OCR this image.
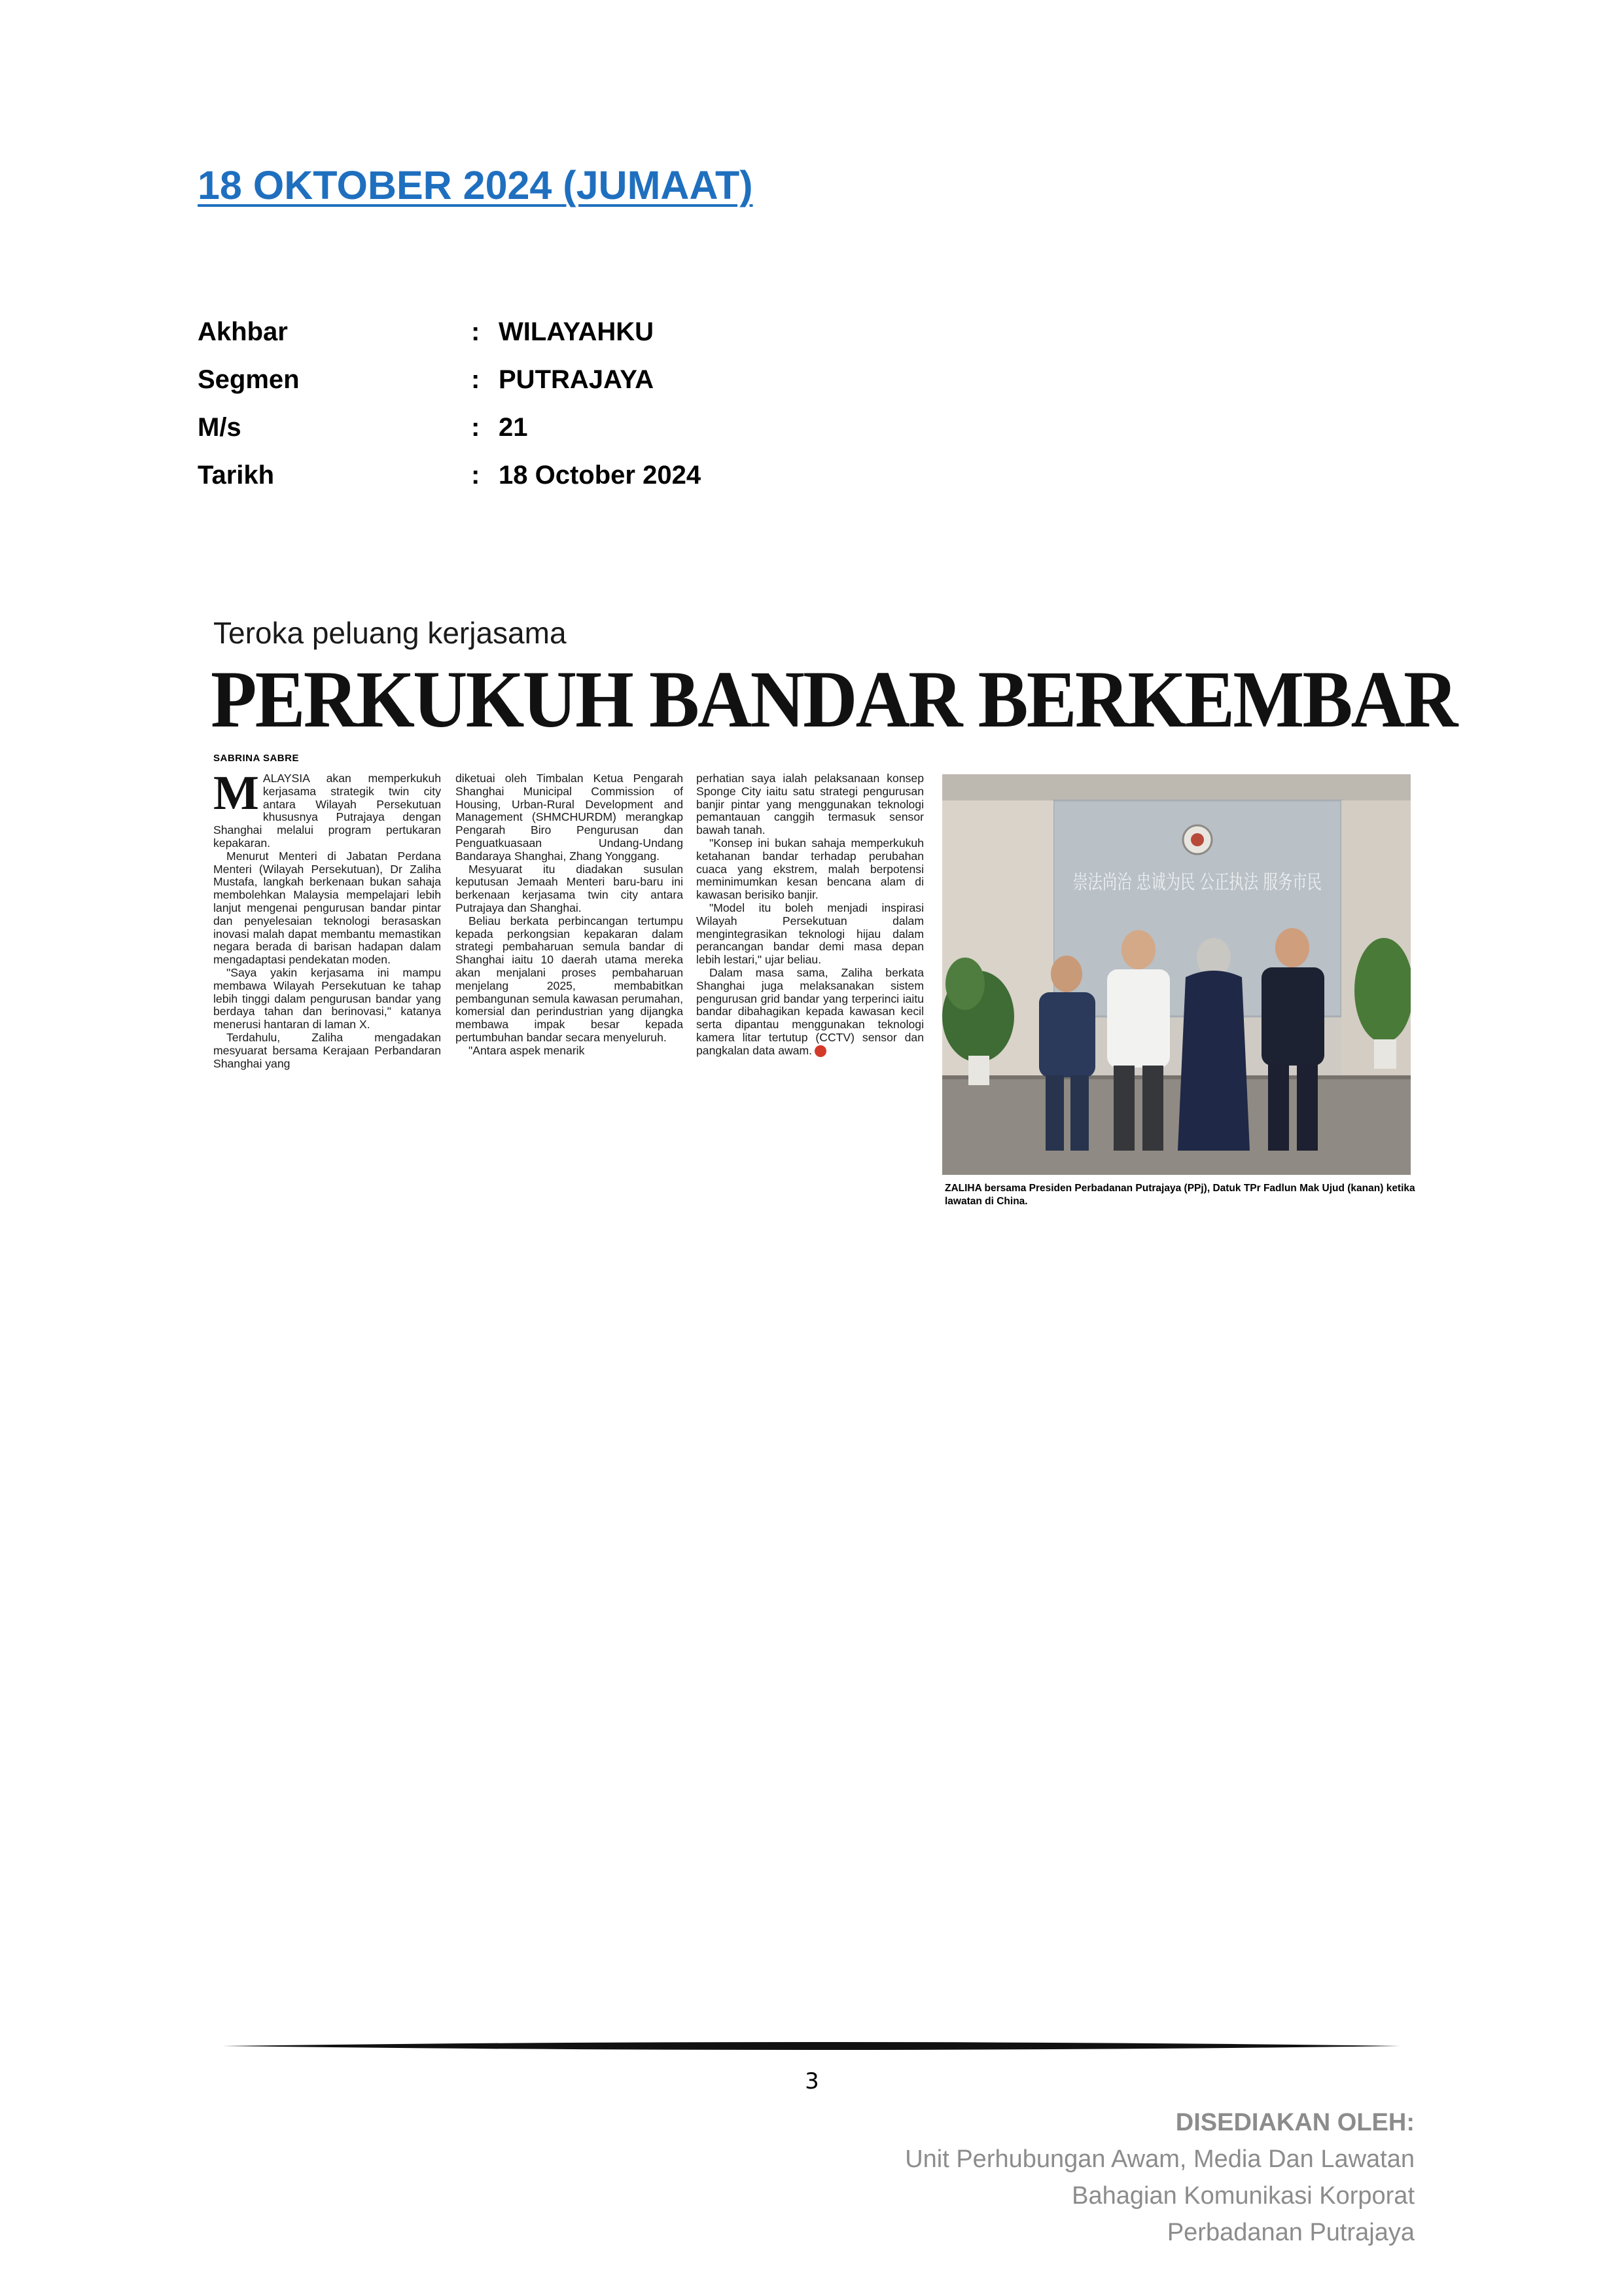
18 OKTOBER 2024 (JUMAAT)
Akhbar	: WILAYAHKU
Segmen	: PUTRAJAYA
M/s	: 21
Tarikh	: 18 October 2024
Teroka peluang kerjasama
PERKUKUH BANDAR BERKEMBAR
SABRINA SABRE
M ALAYSIA akan memperkukuh kerjasama strategik twin city antara Wilayah Persekutuan khususnya Putrajaya dengan Shanghai melalui program pertukaran kepakaran.

Menurut Menteri di Jabatan Perdana Menteri (Wilayah Persekutuan), Dr Zaliha Mustafa, langkah berkenaan bukan sahaja membolehkan Malaysia mempelajari lebih lanjut mengenai pengurusan bandar pintar dan penyelesaian teknologi berasaskan inovasi malah dapat membantu memastikan negara berada di barisan hadapan dalam mengadaptasi pendekatan moden.

"Saya yakin kerjasama ini mampu membawa Wilayah Persekutuan ke tahap lebih tinggi dalam pengurusan bandar yang berdaya tahan dan berinovasi," katanya menerusi hantaran di laman X.

Terdahulu, Zaliha mengadakan mesyuarat bersama Kerajaan Perbandaran Shanghai yang

diketuai oleh Timbalan Ketua Pengarah Shanghai Municipal Commission of Housing, Urban-Rural Development and Management (SHMCHURDM) merangkap Pengarah Biro Pengurusan dan Penguatkuasaan Undang-Undang Bandaraya Shanghai, Zhang Yonggang.

Mesyuarat itu diadakan susulan keputusan Jemaah Menteri baru-baru ini berkenaan kerjasama twin city antara Putrajaya dan Shanghai.

Beliau berkata perbincangan tertumpu kepada perkongsian kepakaran dalam strategi pembaharuan semula bandar di Shanghai iaitu 10 daerah utama mereka akan menjalani proses pembaharuan menjelang 2025, membabitkan pembangunan semula kawasan perumahan, komersial dan perindustrian yang dijangka membawa impak besar kepada pertumbuhan bandar secara menyeluruh.

"Antara aspek menarik

perhatian saya ialah pelaksanaan konsep Sponge City iaitu satu strategi pengurusan banjir pintar yang menggunakan teknologi pemantauan canggih termasuk sensor bawah tanah.

"Konsep ini bukan sahaja memperkukuh ketahanan bandar terhadap perubahan cuaca yang ekstrem, malah berpotensi meminimumkan kesan bencana alam di kawasan berisiko banjir.

"Model itu boleh menjadi inspirasi Wilayah Persekutuan dalam mengintegrasikan teknologi hijau dalam perancangan bandar demi masa depan lebih lestari," ujar beliau.

Dalam masa sama, Zaliha berkata Shanghai juga melaksanakan sistem pengurusan grid bandar yang terperinci iaitu bandar dibahagikan kepada kawasan kecil serta dipantau menggunakan teknologi kamera litar tertutup (CCTV) sensor dan pangkalan data awam.

崇法尚治 忠诚为民 公正执法 服务市民
ZALIHA bersama Presiden Perbadanan Putrajaya (PPj), Datuk TPr Fadlun Mak Ujud (kanan) ketika lawatan di China.
3
DISEDIAKAN OLEH:
Unit Perhubungan Awam, Media Dan Lawatan
Bahagian Komunikasi Korporat
Perbadanan Putrajaya
